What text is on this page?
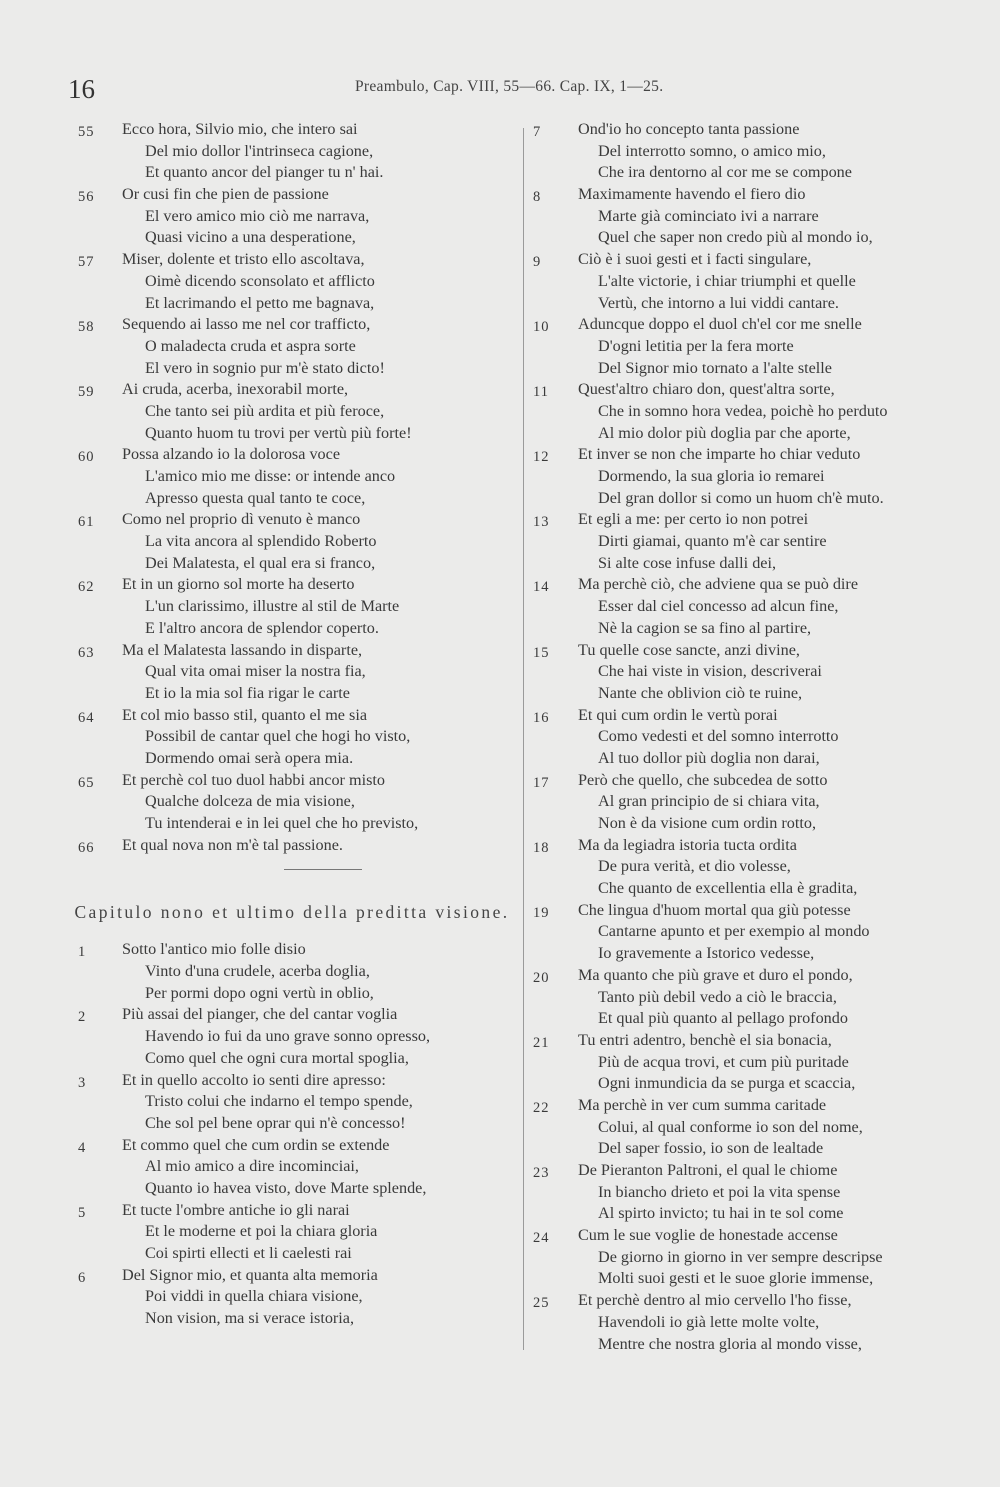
16	Preambulo, Cap. VIII, 55—66. Cap. IX, 1—25.
55	Ecco hora, Silvio mio, che intero sai
Del mio dollor l'intrinseca cagione,
Et quanto ancor del pianger tu n' hai.
56	Or cusi fin che pien de passione
El vero amico mio ciò me narrava,
Quasi vicino a una desperatione,
57	Miser, dolente et tristo ello ascoltava,
Oimè dicendo sconsolato et afflicto
Et lacrimando el petto me bagnava,
58	Sequendo ai lasso me nel cor trafficto,
O maladecta cruda et aspra sorte
El vero in sognio pur m'è stato dicto!
59	Ai cruda, acerba, inexorabil morte,
Che tanto sei più ardita et più feroce,
Quanto huom tu trovi per vertù più forte!
60	Possa alzando io la dolorosa voce
L'amico mio me disse: or intende anco
Apresso questa qual tanto te coce,
61	Como nel proprio dì venuto è manco
La vita ancora al splendido Roberto
Dei Malatesta, el qual era si franco,
62	Et in un giorno sol morte ha deserto
L'un clarissimo, illustre al stil de Marte
E l'altro ancora de splendor coperto.
63	Ma el Malatesta lassando in disparte,
Qual vita omai miser la nostra fia,
Et io la mia sol fia rigar le carte
64	Et col mio basso stil, quanto el me sia
Possibil de cantar quel che hogi ho visto,
Dormendo omai serà opera mia.
65	Et perchè col tuo duol habbi ancor misto
Qualche dolceza de mia visione,
Tu intenderai e in lei quel che ho previsto,
66	Et qual nova non m'è tal passione.
Capitulo nono et ultimo della preditta visione.
1	Sotto l'antico mio folle disio
Vinto d'una crudele, acerba doglia,
Per pormi dopo ogni vertù in oblio,
2	Più assai del pianger, che del cantar voglia
Havendo io fui da uno grave sonno opresso,
Como quel che ogni cura mortal spoglia,
3	Et in quello accolto io senti dire apresso:
Tristo colui che indarno el tempo spende,
Che sol pel bene oprar qui n'è concesso!
4	Et commo quel che cum ordin se extende
Al mio amico a dire incominciai,
Quanto io havea visto, dove Marte splende,
5	Et tucte l'ombre antiche io gli narai
Et le moderne et poi la chiara gloria
Coi spirti ellecti et li caelesti rai
6	Del Signor mio, et quanta alta memoria
Poi viddi in quella chiara visione,
Non vision, ma si verace istoria,
7	Ond'io ho concepto tanta passione
Del interrotto somno, o amico mio,
Che ira dentorno al cor me se compone
8	Maximamente havendo el fiero dio
Marte già cominciato ivi a narrare
Quel che saper non credo più al mondo io,
9	Ciò è i suoi gesti et i facti singulare,
L'alte victorie, i chiar triumphi et quelle
Vertù, che intorno a lui viddi cantare.
10	Aduncque doppo el duol ch'el cor me snelle
D'ogni letitia per la fera morte
Del Signor mio tornato a l'alte stelle
11	Quest'altro chiaro don, quest'altra sorte,
Che in somno hora vedea, poichè ho perduto
Al mio dolor più doglia par che aporte,
12	Et inver se non che imparte ho chiar veduto
Dormendo, la sua gloria io remarei
Del gran dollor si como un huom ch'è muto.
13	Et egli a me: per certo io non potrei
Dirti giamai, quanto m'è car sentire
Si alte cose infuse dalli dei,
14	Ma perchè ciò, che adviene qua se può dire
Esser dal ciel concesso ad alcun fine,
Nè la cagion se sa fino al partire,
15	Tu quelle cose sancte, anzi divine,
Che hai viste in vision, descriverai
Nante che oblivion ciò te ruine,
16	Et qui cum ordin le vertù porai
Como vedesti et del somno interrotto
Al tuo dollor più doglia non darai,
17	Però che quello, che subcedea de sotto
Al gran principio de si chiara vita,
Non è da visione cum ordin rotto,
18	Ma da legiadra istoria tucta ordita
De pura verità, et dio volesse,
Che quanto de excellentia ella è gradita,
19	Che lingua d'huom mortal qua giù potesse
Cantarne apunto et per exempio al mondo
Io gravemente a Istorico vedesse,
20	Ma quanto che più grave et duro el pondo,
Tanto più debil vedo a ciò le braccia,
Et qual più quanto al pellago profondo
21	Tu entri adentro, benchè el sia bonacia,
Più de acqua trovi, et cum più puritade
Ogni inmundicia da se purga et scaccia,
22	Ma perchè in ver cum summa caritade
Colui, al qual conforme io son del nome,
Del saper fossio, io son de lealtade
23	De Pieranton Paltroni, el qual le chiome
In biancho drieto et poi la vita spense
Al spirto invicto; tu hai in te sol come
24	Cum le sue voglie de honestade accense
De giorno in giorno in ver sempre descripse
Molti suoi gesti et le suoe glorie immense,
25	Et perchè dentro al mio cervello l'ho fisse,
Havendoli io già lette molte volte,
Mentre che nostra gloria al mondo visse,
